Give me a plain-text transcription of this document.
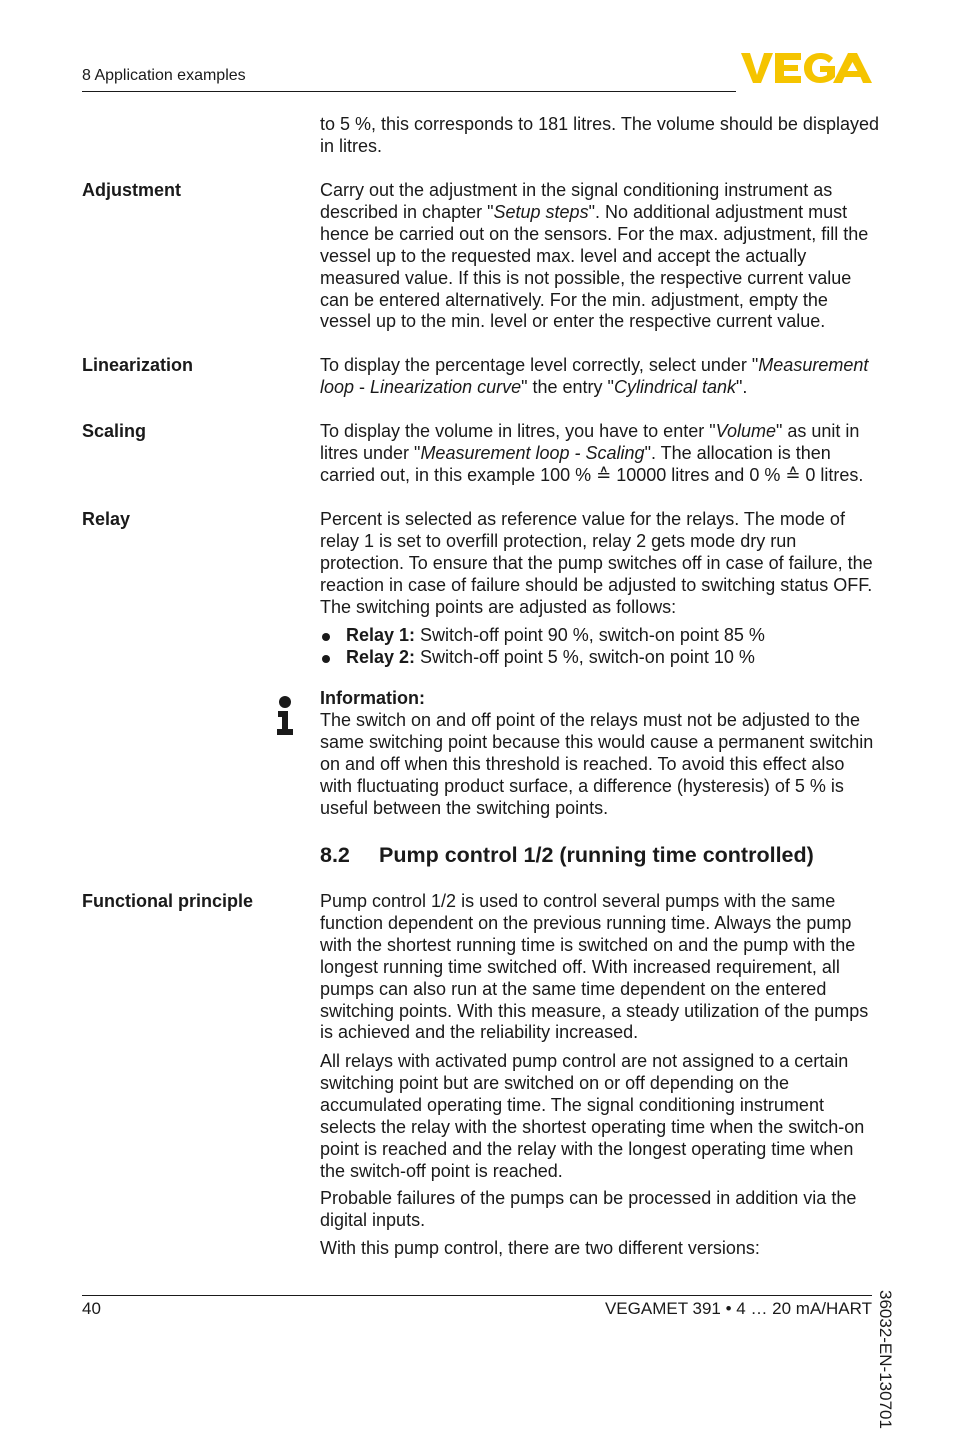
8 Application examples

to 5 %, this corresponds to 181 litres. The volume should be displayed in litres.

Adjustment	Carry out the adjustment in the signal conditioning instrument as described in chapter "Setup steps". No additional adjustment must hence be carried out on the sensors. For the max. adjustment, fill the vessel up to the requested max. level and accept the actually measured value. If this is not possible, the respective current value can be entered alternatively. For the min. adjustment, empty the vessel up to the min. level or enter the respective current value.

Linearization	To display the percentage level correctly, select under "Measurement loop - Linearization curve" the entry "Cylindrical tank".

Scaling	To display the volume in litres, you have to enter "Volume" as unit in litres under "Measurement loop - Scaling". The allocation is then carried out, in this example 100 % ≙ 10000 litres and 0 % ≙ 0 litres.

Relay	Percent is selected as reference value for the relays. The mode of relay 1 is set to overfill protection, relay 2 gets mode dry run protection. To ensure that the pump switches off in case of failure, the reaction in case of failure should be adjusted to switching status OFF. The switching points are adjusted as follows:

Relay 1: Switch-off point 90 %, switch-on point 85 %
Relay 2: Switch-off point 5 %, switch-on point 10 %

Information:

The switch on and off point of the relays must not be adjusted to the same switching point because this would cause a permanent switchin on and off when this threshold is reached. To avoid this effect also with fluctuating product surface, a difference (hysteresis) of 5 % is useful between the switching points.

8.2 Pump control 1/2 (running time controlled)
Functional principle	Pump control 1/2 is used to control several pumps with the same function dependent on the previous running time. Always the pump with the shortest running time is switched on and the pump with the longest running time switched off. With increased requirement, all pumps can also run at the same time dependent on the entered switching points. With this measure, a steady utilization of the pumps is achieved and the reliability increased.

All relays with activated pump control are not assigned to a certain switching point but are switched on or off depending on the accumulated operating time. The signal conditioning instrument selects the relay with the shortest operating time when the switch-on point is reached and the relay with the longest operating time when the switch-off point is reached.

Probable failures of the pumps can be processed in addition via the digital inputs.

With this pump control, there are two different versions:

36032-EN-130701
40	VEGAMET 391 • 4 … 20 mA/HART
